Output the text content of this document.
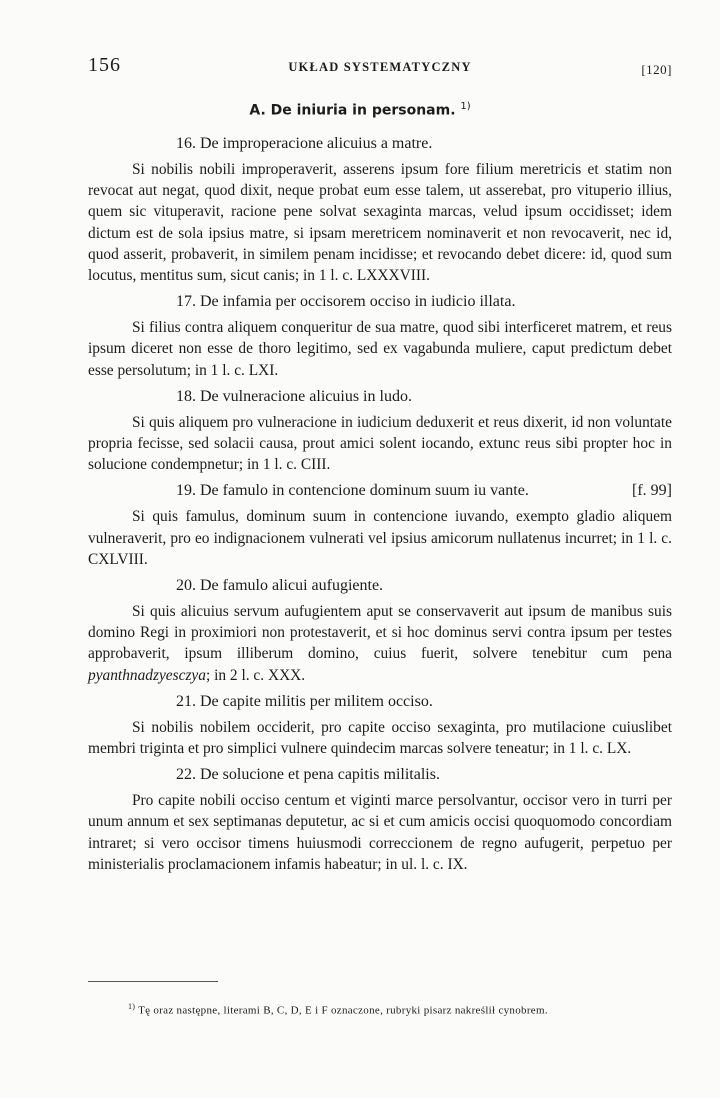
156	UKŁAD SYSTEMATYCZNY	[120]
A. De iniuria in personam. $^{1)}$
16. De improperacione alicuius a matre.

Si nobilis nobili improperaverit, asserens ipsum fore filium meretricis et statim non revocat aut negat, quod dixit, neque probat eum esse talem, ut asserebat, pro vituperio illius, quem sic vituperavit, racione pene solvat sexaginta marcas, velud ipsum occidisset; idem dictum est de sola ipsius matre, si ipsam meretricem nominaverit et non revocaverit, nec id, quod asserit, probaverit, in similem penam incidisse; et revocando debet dicere: id, quod sum locutus, mentitus sum, sicut canis; in 1 l. c. LXXXVIII.

17. De infamia per occisorem occiso in iudicio illata.

Si filius contra aliquem conqueritur de sua matre, quod sibi interficeret matrem, et reus ipsum diceret non esse de thoro legitimo, sed ex vagabunda muliere, caput predictum debet esse persolutum; in 1 l. c. LXI.

18. De vulneracione alicuius in ludo.

Si quis aliquem pro vulneracione in iudicium deduxerit et reus dixerit, id non voluntate propria fecisse, sed solacii causa, prout amici solent iocando, extunc reus sibi propter hoc in solucione condempnetur; in 1 l. c. CIII.

19. De famulo in contencione dominum suum iu vante.	[f. 99]

Si quis famulus, dominum suum in contencione iuvando, exempto gladio aliquem vulneraverit, pro eo indignacionem vulnerati vel ipsius amicorum nullatenus incurret; in 1 l. c. CXLVIII.

20. De famulo alicui aufugiente.

Si quis alicuius servum aufugientem aput se conservaverit aut ipsum de manibus suis domino Regi in proximiori non protestaverit, et si hoc dominus servi contra ipsum per testes approbaverit, ipsum illiberum domino, cuius fuerit, solvere tenebitur cum pena pyanthnadzyesczya; in 2 l. c. XXX.

21. De capite militis per militem occiso.

Si nobilis nobilem occiderit, pro capite occiso sexaginta, pro mutilacione cuiuslibet membri triginta et pro simplici vulnere quindecim marcas solvere teneatur; in 1 l. c. LX.

22. De solucione et pena capitis militalis.

Pro capite nobili occiso centum et viginti marce persolvantur, occisor vero in turri per unum annum et sex septimanas deputetur, ac si et cum amicis occisi quoquomodo concordiam intraret; si vero occisor timens huiusmodi correccionem de regno aufugerit, perpetuo per ministerialis proclamacionem infamis habeatur; in ul. l. c. IX.

$^{1)}$ Tę oraz następne, literami B, C, D, E i F oznaczone, rubryki pisarz nakreślił cynobrem.
